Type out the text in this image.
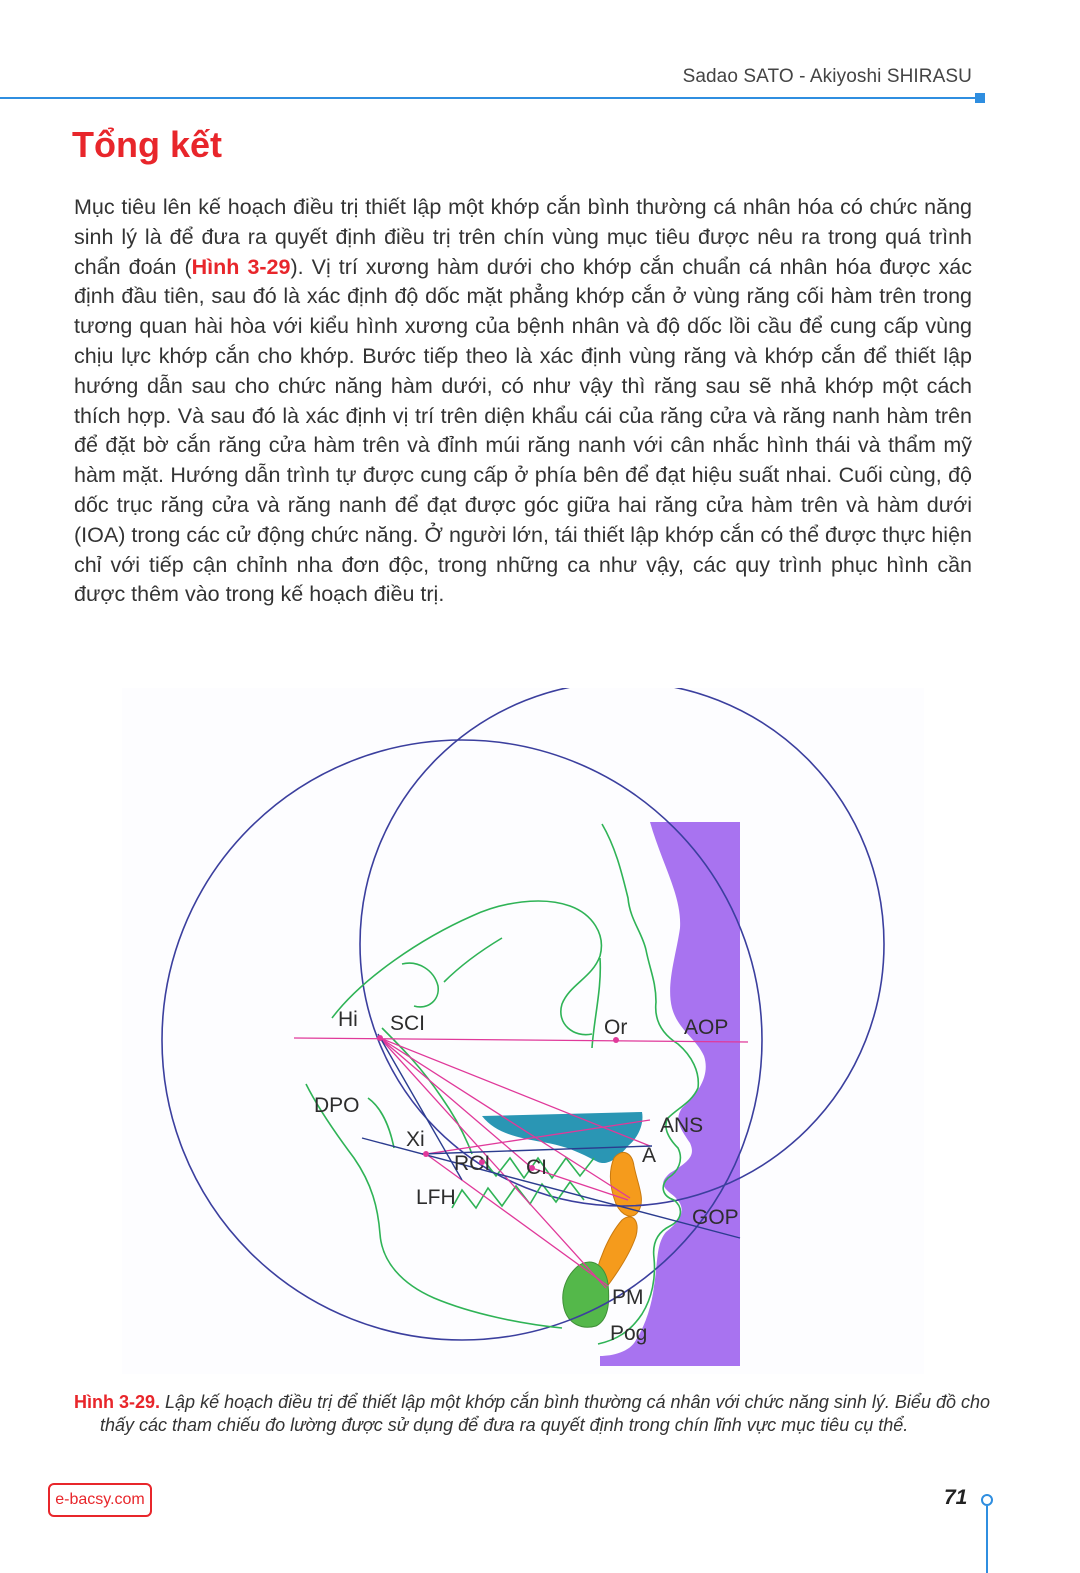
Sadao SATO - Akiyoshi SHIRASU
Tổng kết

Mục tiêu lên kế hoạch điều trị thiết lập một khớp cắn bình thường cá nhân hóa có chức năng sinh lý là để đưa ra quyết định điều trị trên chín vùng mục tiêu được nêu ra trong quá trình chẩn đoán (Hình 3-29). Vị trí xương hàm dưới cho khớp cắn chuẩn cá nhân hóa được xác định đầu tiên, sau đó là xác định độ dốc mặt phẳng khớp cắn ở vùng răng cối hàm trên trong tương quan hài hòa với kiểu hình xương của bệnh nhân và độ dốc lồi cầu để cung cấp vùng chịu lực khớp cắn cho khớp. Bước tiếp theo là xác định vùng răng và khớp cắn để thiết lập hướng dẫn sau cho chức năng hàm dưới, có như vậy thì răng sau sẽ nhả khớp một cách thích hợp. Và sau đó là xác định vị trí trên diện khẩu cái của răng cửa và răng nanh hàm trên để đặt bờ cắn răng cửa hàm trên và đỉnh múi răng nanh với cân nhắc hình thái và thẩm mỹ hàm mặt. Hướng dẫn trình tự được cung cấp ở phía bên để đạt hiệu suất nhai. Cuối cùng, độ dốc trục răng cửa và răng nanh để đạt được góc giữa hai răng cửa hàm trên và hàm dưới (IOA) trong các cử động chức năng. Ở người lớn, tái thiết lập khớp cắn có thể được thực hiện chỉ với tiếp cận chỉnh nha đơn độc, trong những ca như vậy, các quy trình phục hình cần được thêm vào trong kế hoạch điều trị.

Hi SCI	Or	AOP
DPO
ANS
A
Xi
RCI CI
LFH
GOP
PM
Pog

Hình 3-29. Lập kế hoạch điều trị để thiết lập một khớp cắn bình thường cá nhân với chức năng sinh lý. Biểu đồ cho thấy các tham chiếu đo lường được sử dụng để đưa ra quyết định trong chín lĩnh vực mục tiêu cụ thể.

e-bacsy.com	71
